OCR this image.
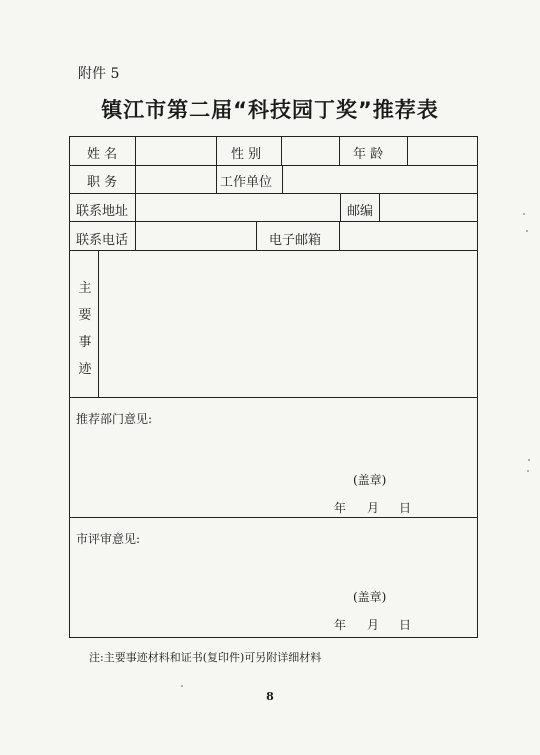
附件 5
镇江市第二届“科技园丁奖”推荐表
姓 名	性 别	年 龄
职 务	工作单位
联系地址	邮编
联系电话	电子邮箱
主
要
事
迹
推荐部门意见:
(盖章)
年 月 日
市评审意见:
(盖章)
年 月 日
注:主要事迹材料和证书(复印件)可另附详细材料
8
